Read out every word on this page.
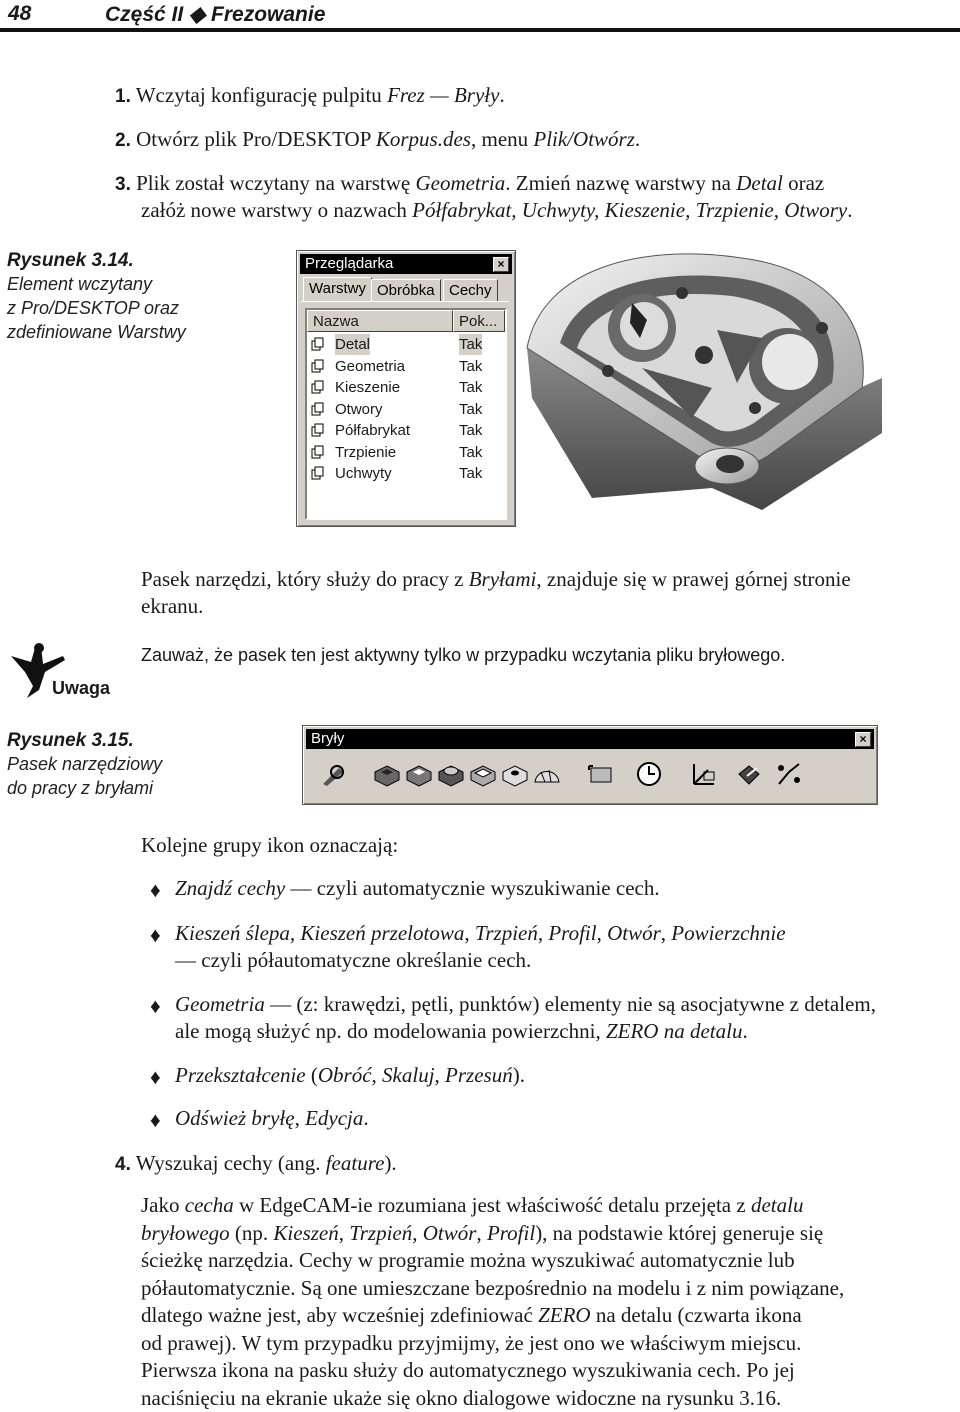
48	Część II ◆ Frezowanie
1. Wczytaj konfigurację pulpitu Frez — Bryły.
2. Otwórz plik Pro/DESKTOP Korpus.des, menu Plik/Otwórz.
3. Plik został wczytany na warstwę Geometria. Zmień nazwę warstwy na Detal oraz
załóż nowe warstwy o nazwach Półfabrykat, Uchwyty, Kieszenie, Trzpienie, Otwory.
Rysunek 3.14.
Element wczytany
z Pro/DESKTOP oraz
zdefiniowane Warstwy
Przeglądarka	×
Warstwy Obróbka Cechy
Nazwa	Pok...
Detal	Tak
Geometria	Tak
Kieszenie	Tak
Otwory	Tak
Półfabrykat	Tak
Trzpienie	Tak
Uchwyty	Tak
Pasek narzędzi, który służy do pracy z Bryłami, znajduje się w prawej górnej stronie
ekranu.
Uwaga
Zauważ, że pasek ten jest aktywny tylko w przypadku wczytania pliku bryłowego.
Rysunek 3.15.
Pasek narzędziowy
do pracy z bryłami
Bryły	×
Kolejne grupy ikon oznaczają:
♦ Znajdź cechy — czyli automatycznie wyszukiwanie cech.
♦ Kieszeń ślepa, Kieszeń przelotowa, Trzpień, Profil, Otwór, Powierzchnie
— czyli półautomatyczne określanie cech.
♦ Geometria — (z: krawędzi, pętli, punktów) elementy nie są asocjatywne z detalem,
ale mogą służyć np. do modelowania powierzchni, ZERO na detalu.
♦ Przekształcenie (Obróć, Skaluj, Przesuń).
♦ Odśwież bryłę, Edycja.
4. Wyszukaj cechy (ang. feature).
Jako cecha w EdgeCAM-ie rozumiana jest właściwość detalu przejęta z detalu
bryłowego (np. Kieszeń, Trzpień, Otwór, Profil), na podstawie której generuje się
ścieżkę narzędzia. Cechy w programie można wyszukiwać automatycznie lub
półautomatycznie. Są one umieszczane bezpośrednio na modelu i z nim powiązane,
dlatego ważne jest, aby wcześniej zdefiniować ZERO na detalu (czwarta ikona
od prawej). W tym przypadku przyjmijmy, że jest ono we właściwym miejscu.
Pierwsza ikona na pasku służy do automatycznego wyszukiwania cech. Po jej
naciśnięciu na ekranie ukaże się okno dialogowe widoczne na rysunku 3.16.
